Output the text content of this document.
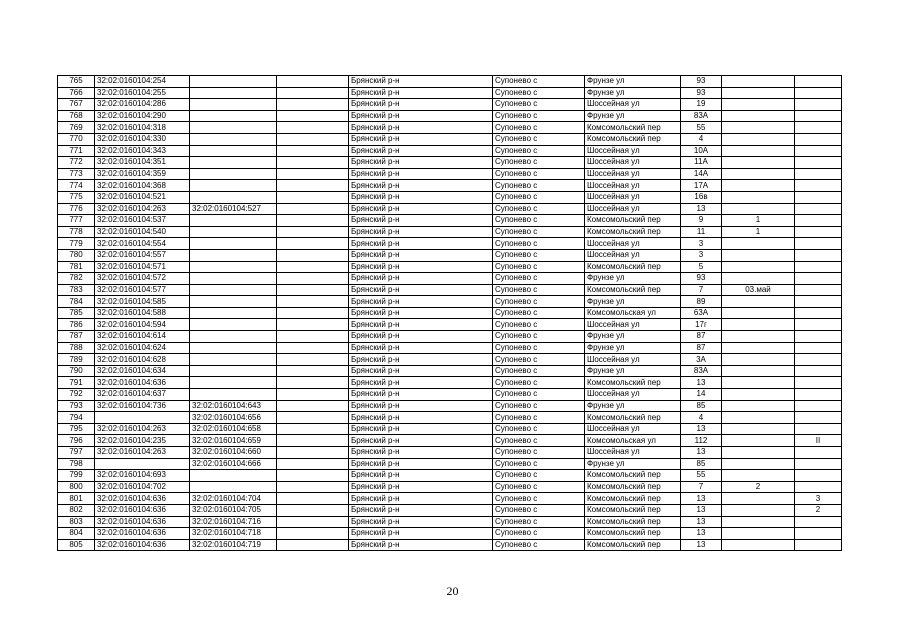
765	32:02:0160104:254			Брянский р-н	Супонево с	Фрунзе ул	93		
766	32:02:0160104:255			Брянский р-н	Супонево с	Фрунзе ул	93		
767	32:02:0160104:286			Брянский р-н	Супонево с	Шоссейная ул	19		
768	32:02:0160104:290			Брянский р-н	Супонево с	Фрунзе ул	83А		
769	32:02:0160104:318			Брянский р-н	Супонево с	Комсомольский пер	55		
770	32:02:0160104:330			Брянский р-н	Супонево с	Комсомольский пер	4		
771	32:02:0160104:343			Брянский р-н	Супонево с	Шоссейная ул	10А		
772	32:02:0160104:351			Брянский р-н	Супонево с	Шоссейная ул	11А		
773	32:02:0160104:359			Брянский р-н	Супонево с	Шоссейная ул	14А		
774	32:02:0160104:368			Брянский р-н	Супонево с	Шоссейная ул	17А		
775	32:02:0160104:521			Брянский р-н	Супонево с	Шоссейная ул	16в		
776	32:02:0160104:263	32:02:0160104:527		Брянский р-н	Супонево с	Шоссейная ул	13		
777	32:02:0160104:537			Брянский р-н	Супонево с	Комсомольский пер	9	1	
778	32:02:0160104:540			Брянский р-н	Супонево с	Комсомольский пер	11	1	
779	32:02:0160104:554			Брянский р-н	Супонево с	Шоссейная ул	3		
780	32:02:0160104:557			Брянский р-н	Супонево с	Шоссейная ул	3		
781	32:02:0160104:571			Брянский р-н	Супонево с	Комсомольский пер	5		
782	32:02:0160104:572			Брянский р-н	Супонево с	Фрунзе ул	93		
783	32:02:0160104:577			Брянский р-н	Супонево с	Комсомольский пер	7	03.май	
784	32:02:0160104:585			Брянский р-н	Супонево с	Фрунзе ул	89		
785	32:02:0160104:588			Брянский р-н	Супонево с	Комсомольская ул	63А		
786	32:02:0160104:594			Брянский р-н	Супонево с	Шоссейная ул	17г		
787	32:02:0160104:614			Брянский р-н	Супонево с	Фрунзе ул	87		
788	32:02:0160104:624			Брянский р-н	Супонево с	Фрунзе ул	87		
789	32:02:0160104:628			Брянский р-н	Супонево с	Шоссейная ул	3А		
790	32:02:0160104:634			Брянский р-н	Супонево с	Фрунзе ул	83А		
791	32:02:0160104:636			Брянский р-н	Супонево с	Комсомольский пер	13		
792	32:02:0160104:637			Брянский р-н	Супонево с	Шоссейная ул	14		
793	32:02:0160104:736	32:02:0160104:643		Брянский р-н	Супонево с	Фрунзе ул	85		
794		32:02:0160104:656		Брянский р-н	Супонево с	Комсомольский пер	4		
795	32:02:0160104:263	32:02:0160104:658		Брянский р-н	Супонево с	Шоссейная ул	13		
796	32:02:0160104:235	32:02:0160104:659		Брянский р-н	Супонево с	Комсомольская ул	112		II
797	32:02:0160104:263	32:02:0160104:660		Брянский р-н	Супонево с	Шоссейная ул	13		
798		32:02:0160104:666		Брянский р-н	Супонево с	Фрунзе ул	85		
799	32:02:0160104:693			Брянский р-н	Супонево с	Комсомольский пер	55		
800	32:02:0160104:702			Брянский р-н	Супонево с	Комсомольский пер	7	2	
801	32:02:0160104:636	32:02:0160104:704		Брянский р-н	Супонево с	Комсомольский пер	13		3
802	32:02:0160104:636	32:02:0160104:705		Брянский р-н	Супонево с	Комсомольский пер	13		2
803	32:02:0160104:636	32:02:0160104:716		Брянский р-н	Супонево с	Комсомольский пер	13		
804	32:02:0160104:636	32:02:0160104:718		Брянский р-н	Супонево с	Комсомольский пер	13		
805	32:02:0160104:636	32:02:0160104:719		Брянский р-н	Супонево с	Комсомольский пер	13		
20
